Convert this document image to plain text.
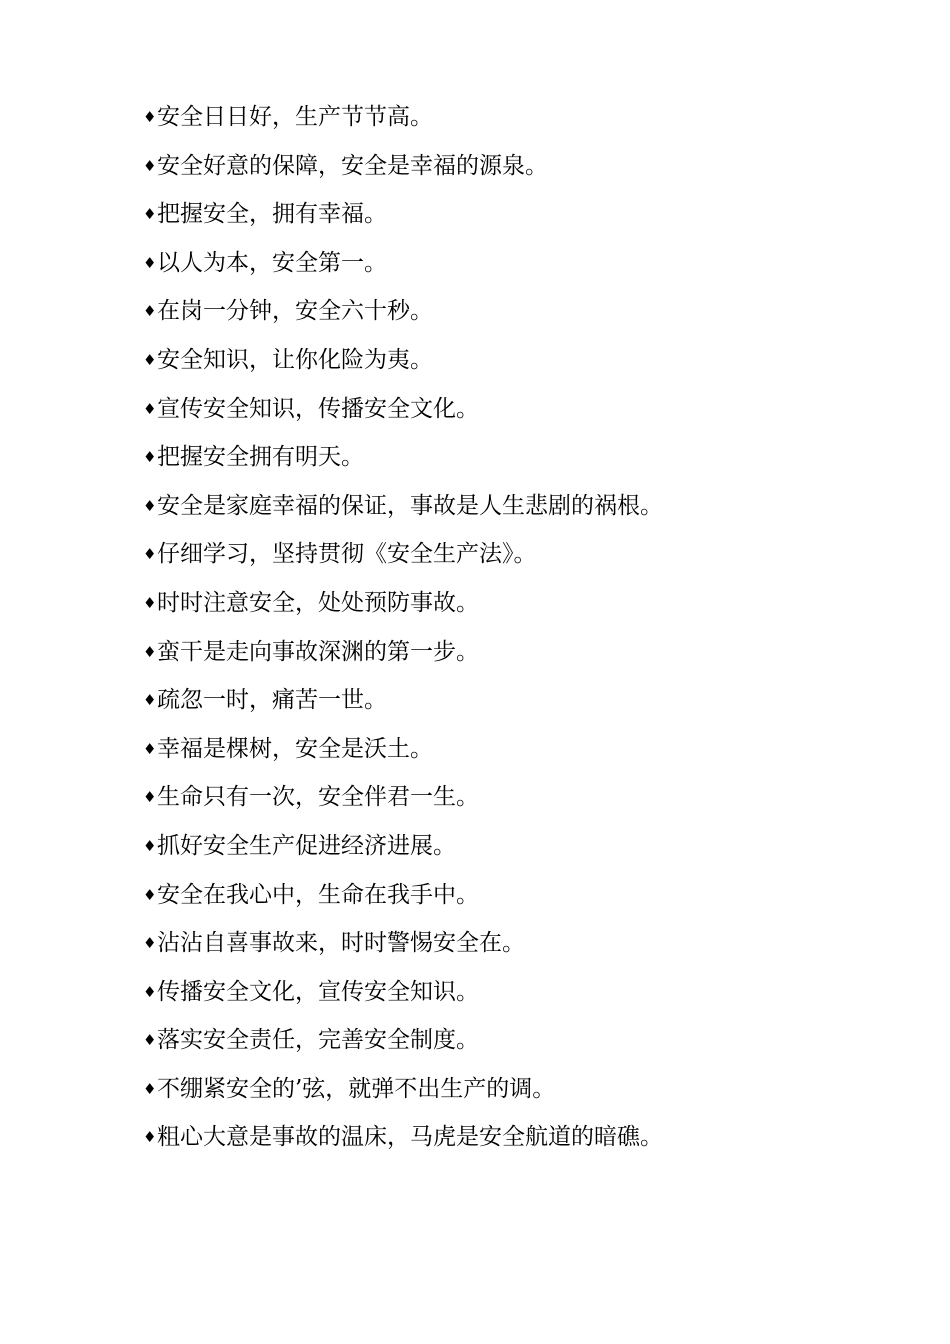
♦ 安全日日好，生产节节高。
♦ 安全好意的保障，安全是幸福的源泉。
♦ 把握安全，拥有幸福。
♦ 以人为本，安全第一。
♦ 在岗一分钟，安全六十秒。
♦ 安全知识，让你化险为夷。
♦ 宣传安全知识，传播安全文化。
♦ 把握安全拥有明天。
♦ 安全是家庭幸福的保证，事故是人生悲剧的祸根。
♦ 仔细学习，坚持贯彻《安全生产法》。
♦ 时时注意安全，处处预防事故。
♦ 蛮干是走向事故深渊的第一步。
♦ 疏忽一时，痛苦一世。
♦ 幸福是棵树，安全是沃土。
♦ 生命只有一次，安全伴君一生。
♦ 抓好安全生产促进经济进展。
♦ 安全在我心中，生命在我手中。
♦ 沾沾自喜事故来，时时警惕安全在。
♦ 传播安全文化，宣传安全知识。
♦ 落实安全责任，完善安全制度。
♦ 不绷紧安全的’弦，就弹不出生产的调。
♦ 粗心大意是事故的温床，马虎是安全航道的暗礁。
